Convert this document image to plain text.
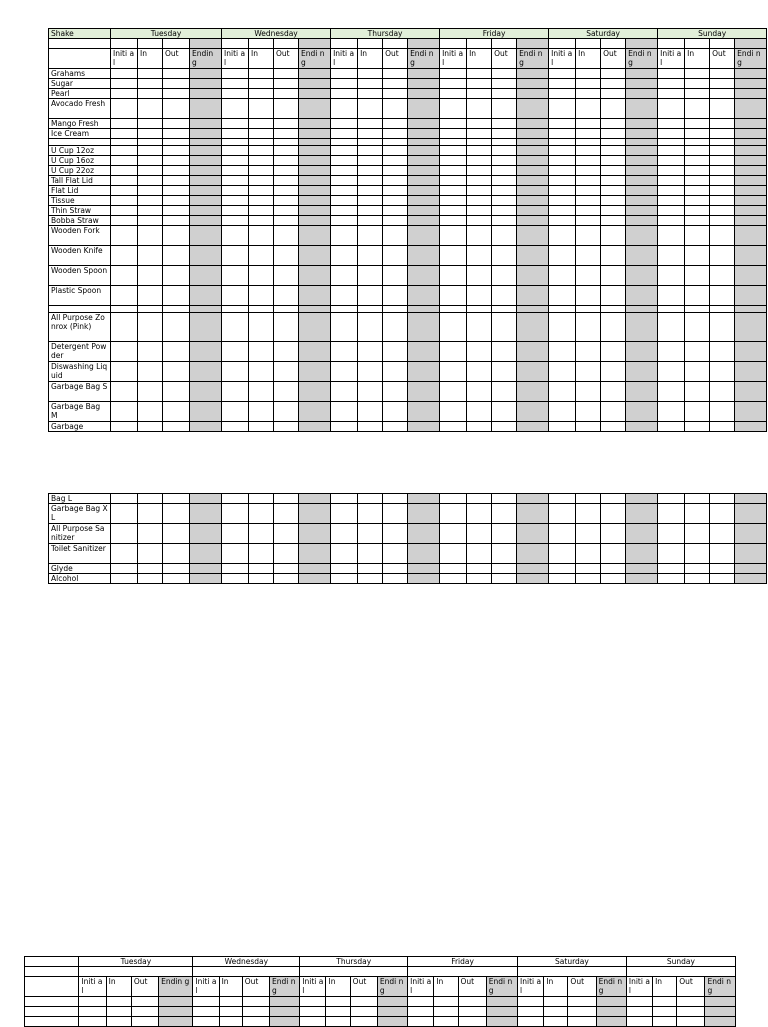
Shake	Tuesday				Wednesday				Thursday				Friday				Saturday				Sunday			

	Initi al	In	Out	Endin g	Initi al	In	Out	Endi ng	Initi al	In	Out	Endi ng	Initi al	In	Out	Endi ng	Initi al	In	Out	Endi ng	Initi al	In	Out	Endi ng
Grahams																								
Sugar																								
Pearl																								
Avocado Fresh																								
Mango Fresh																								
Ice Cream																								

U Cup 12oz																								
U Cup 16oz																								
U Cup 22oz																								
Tall Flat Lid																								
Flat Lid																								
Tissue																								
Thin Straw																								
Bobba Straw																								
Wooden Fork																								
Wooden Knife																								
Wooden Spoon																								
Plastic Spoon																								

All Purpose Zonrox (Pink)																								
Detergent Powder																								
Diswashing Liquid																								
Garbage Bag S																								
Garbage Bag M																								
Garbage																								
Bag L																								
Garbage Bag XL																								
All Purpose Sanitizer																								
Toilet Sanitizer																								
Glyde																								
Alcohol																								
	Tuesday				Wednesday				Thursday				Friday				Saturday				Sunday			

	Initi al	In	Out	Endin g	Initi al	In	Out	Endi ng	Initi al	In	Out	Endi ng	Initi al	In	Out	Endi ng	Initi al	In	Out	Endi ng	Initi al	In	Out	Endi ng
